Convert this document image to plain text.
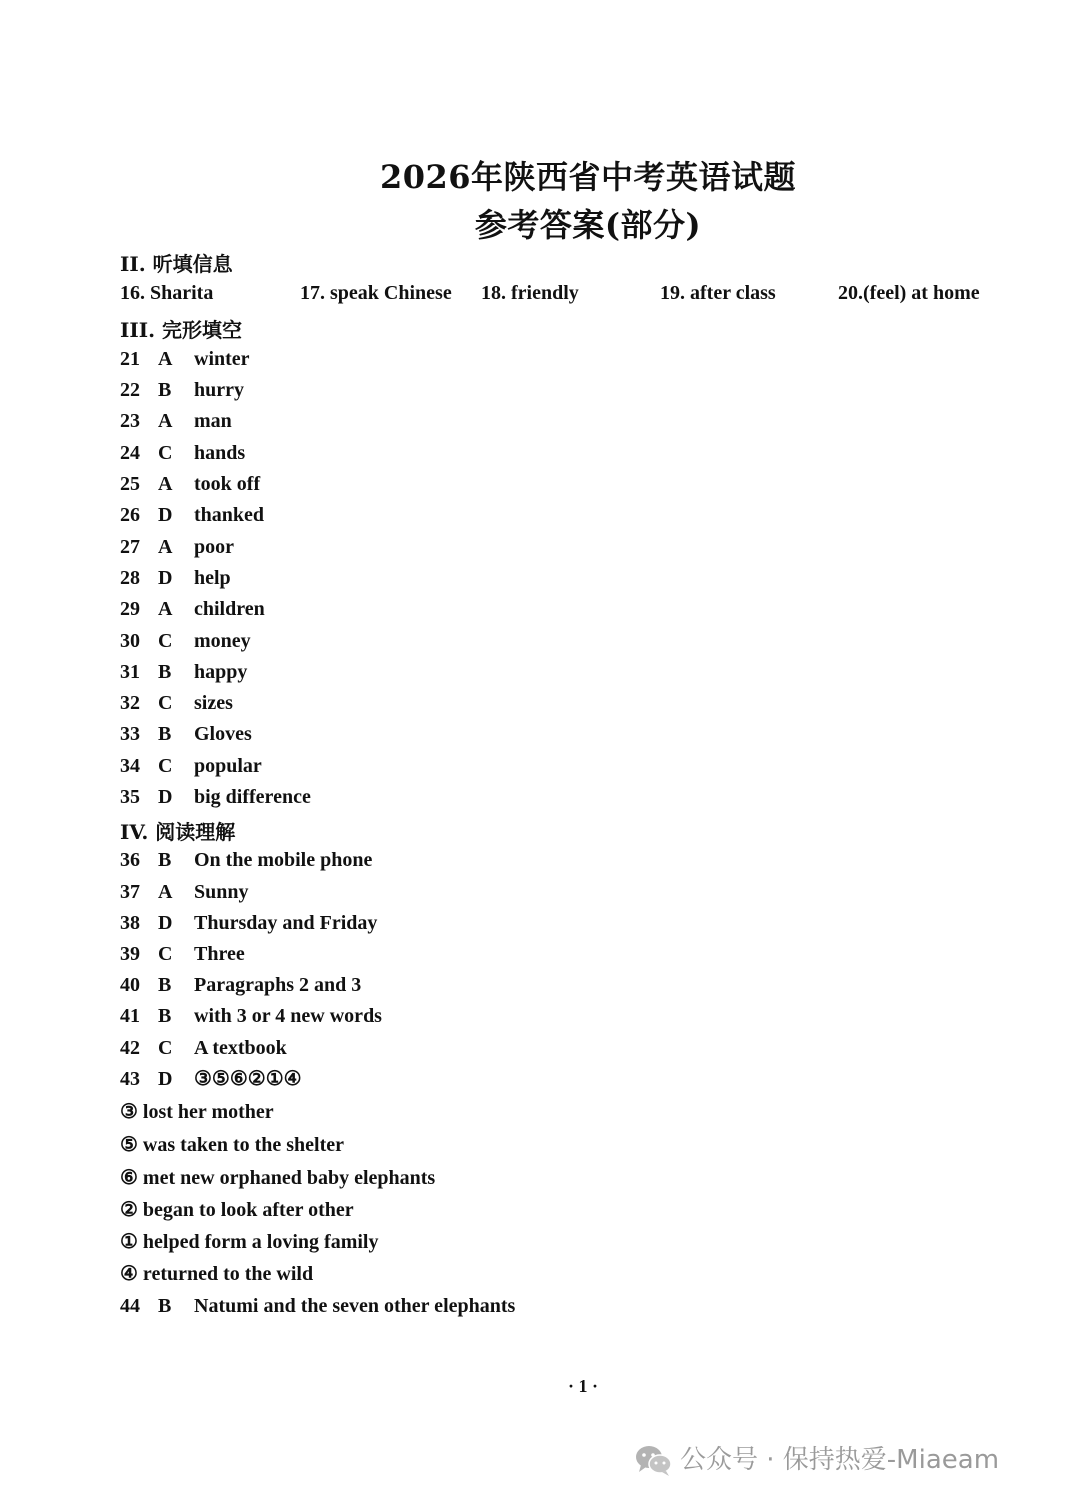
2026年陕西省中考英语试题
参考答案(部分)
II. 听填信息
16. Sharita	17. speak Chinese 18. friendly	19. after class	20.(feel) at home
III. 完形填空
21 A winter
22 B hurry
23 A man
24 C hands
25 A took off
26 D thanked
27 A poor
28 D help
29 A children
30 C money
31 B happy
32 C sizes
33 B Gloves
34 C popular
35 D big difference
IV. 阅读理解
36 B On the mobile phone
37 A Sunny
38 D Thursday and Friday
39 C Three
40 B Paragraphs 2 and 3
41 B with 3 or 4 new words
42 C A textbook
43 D ③⑤⑥②①④
③ lost her mother
⑤ was taken to the shelter
⑥ met new orphaned baby elephants
② began to look after other
① helped form a loving family
④ returned to the wild
44 B Natumi and the seven other elephants
· 1 ·
公众号 · 保持热爱-Miaeam
